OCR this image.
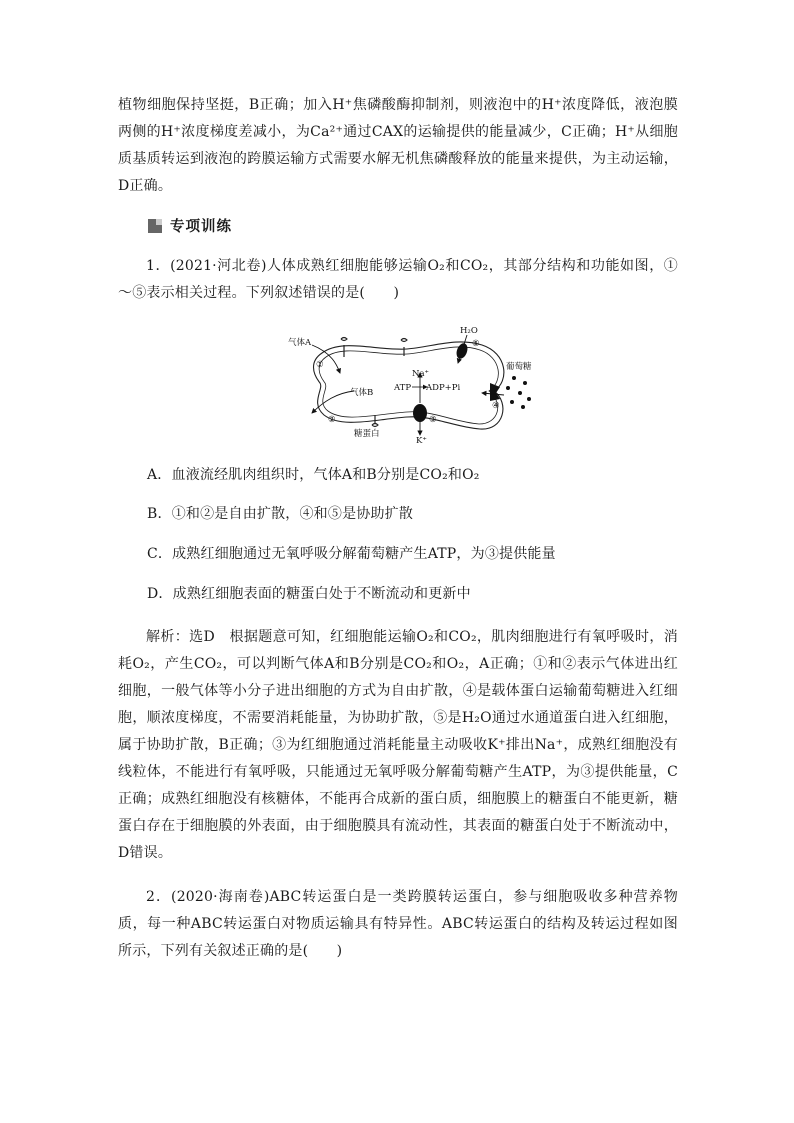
植物细胞保持坚挺，B正确；加入H⁺焦磷酸酶抑制剂，则液泡中的H⁺浓度降低，液泡膜两侧的H⁺浓度梯度差减小，为Ca²⁺通过CAX的运输提供的能量减少，C正确；H⁺从细胞质基质转运到液泡的跨膜运输方式需要水解无机焦磷酸释放的能量来提供，为主动运输，D正确。

专项训练

1．(2021·河北卷)人体成熟红细胞能够运输O₂和CO₂，其部分结构和功能如图，①～⑤表示相关过程。下列叙述错误的是(　　)

气体A
①
气体B
②
糖蛋白
H₂O
⑤
葡萄糖
④
Na⁺
ATP ADP+Pi
③
K⁺
A．血液流经肌肉组织时，气体A和B分别是CO₂和O₂
B．①和②是自由扩散，④和⑤是协助扩散
C．成熟红细胞通过无氧呼吸分解葡萄糖产生ATP，为③提供能量
D．成熟红细胞表面的糖蛋白处于不断流动和更新中

解析：选D　根据题意可知，红细胞能运输O₂和CO₂，肌肉细胞进行有氧呼吸时，消耗O₂，产生CO₂，可以判断气体A和B分别是CO₂和O₂，A正确；①和②表示气体进出红细胞，一般气体等小分子进出细胞的方式为自由扩散，④是载体蛋白运输葡萄糖进入红细胞，顺浓度梯度，不需要消耗能量，为协助扩散，⑤是H₂O通过水通道蛋白进入红细胞，属于协助扩散，B正确；③为红细胞通过消耗能量主动吸收K⁺排出Na⁺，成熟红细胞没有线粒体，不能进行有氧呼吸，只能通过无氧呼吸分解葡萄糖产生ATP，为③提供能量，C正确；成熟红细胞没有核糖体，不能再合成新的蛋白质，细胞膜上的糖蛋白不能更新，糖蛋白存在于细胞膜的外表面，由于细胞膜具有流动性，其表面的糖蛋白处于不断流动中，D错误。

2．(2020·海南卷)ABC转运蛋白是一类跨膜转运蛋白，参与细胞吸收多种营养物质，每一种ABC转运蛋白对物质运输具有特异性。ABC转运蛋白的结构及转运过程如图所示，下列有关叙述正确的是(　　)
